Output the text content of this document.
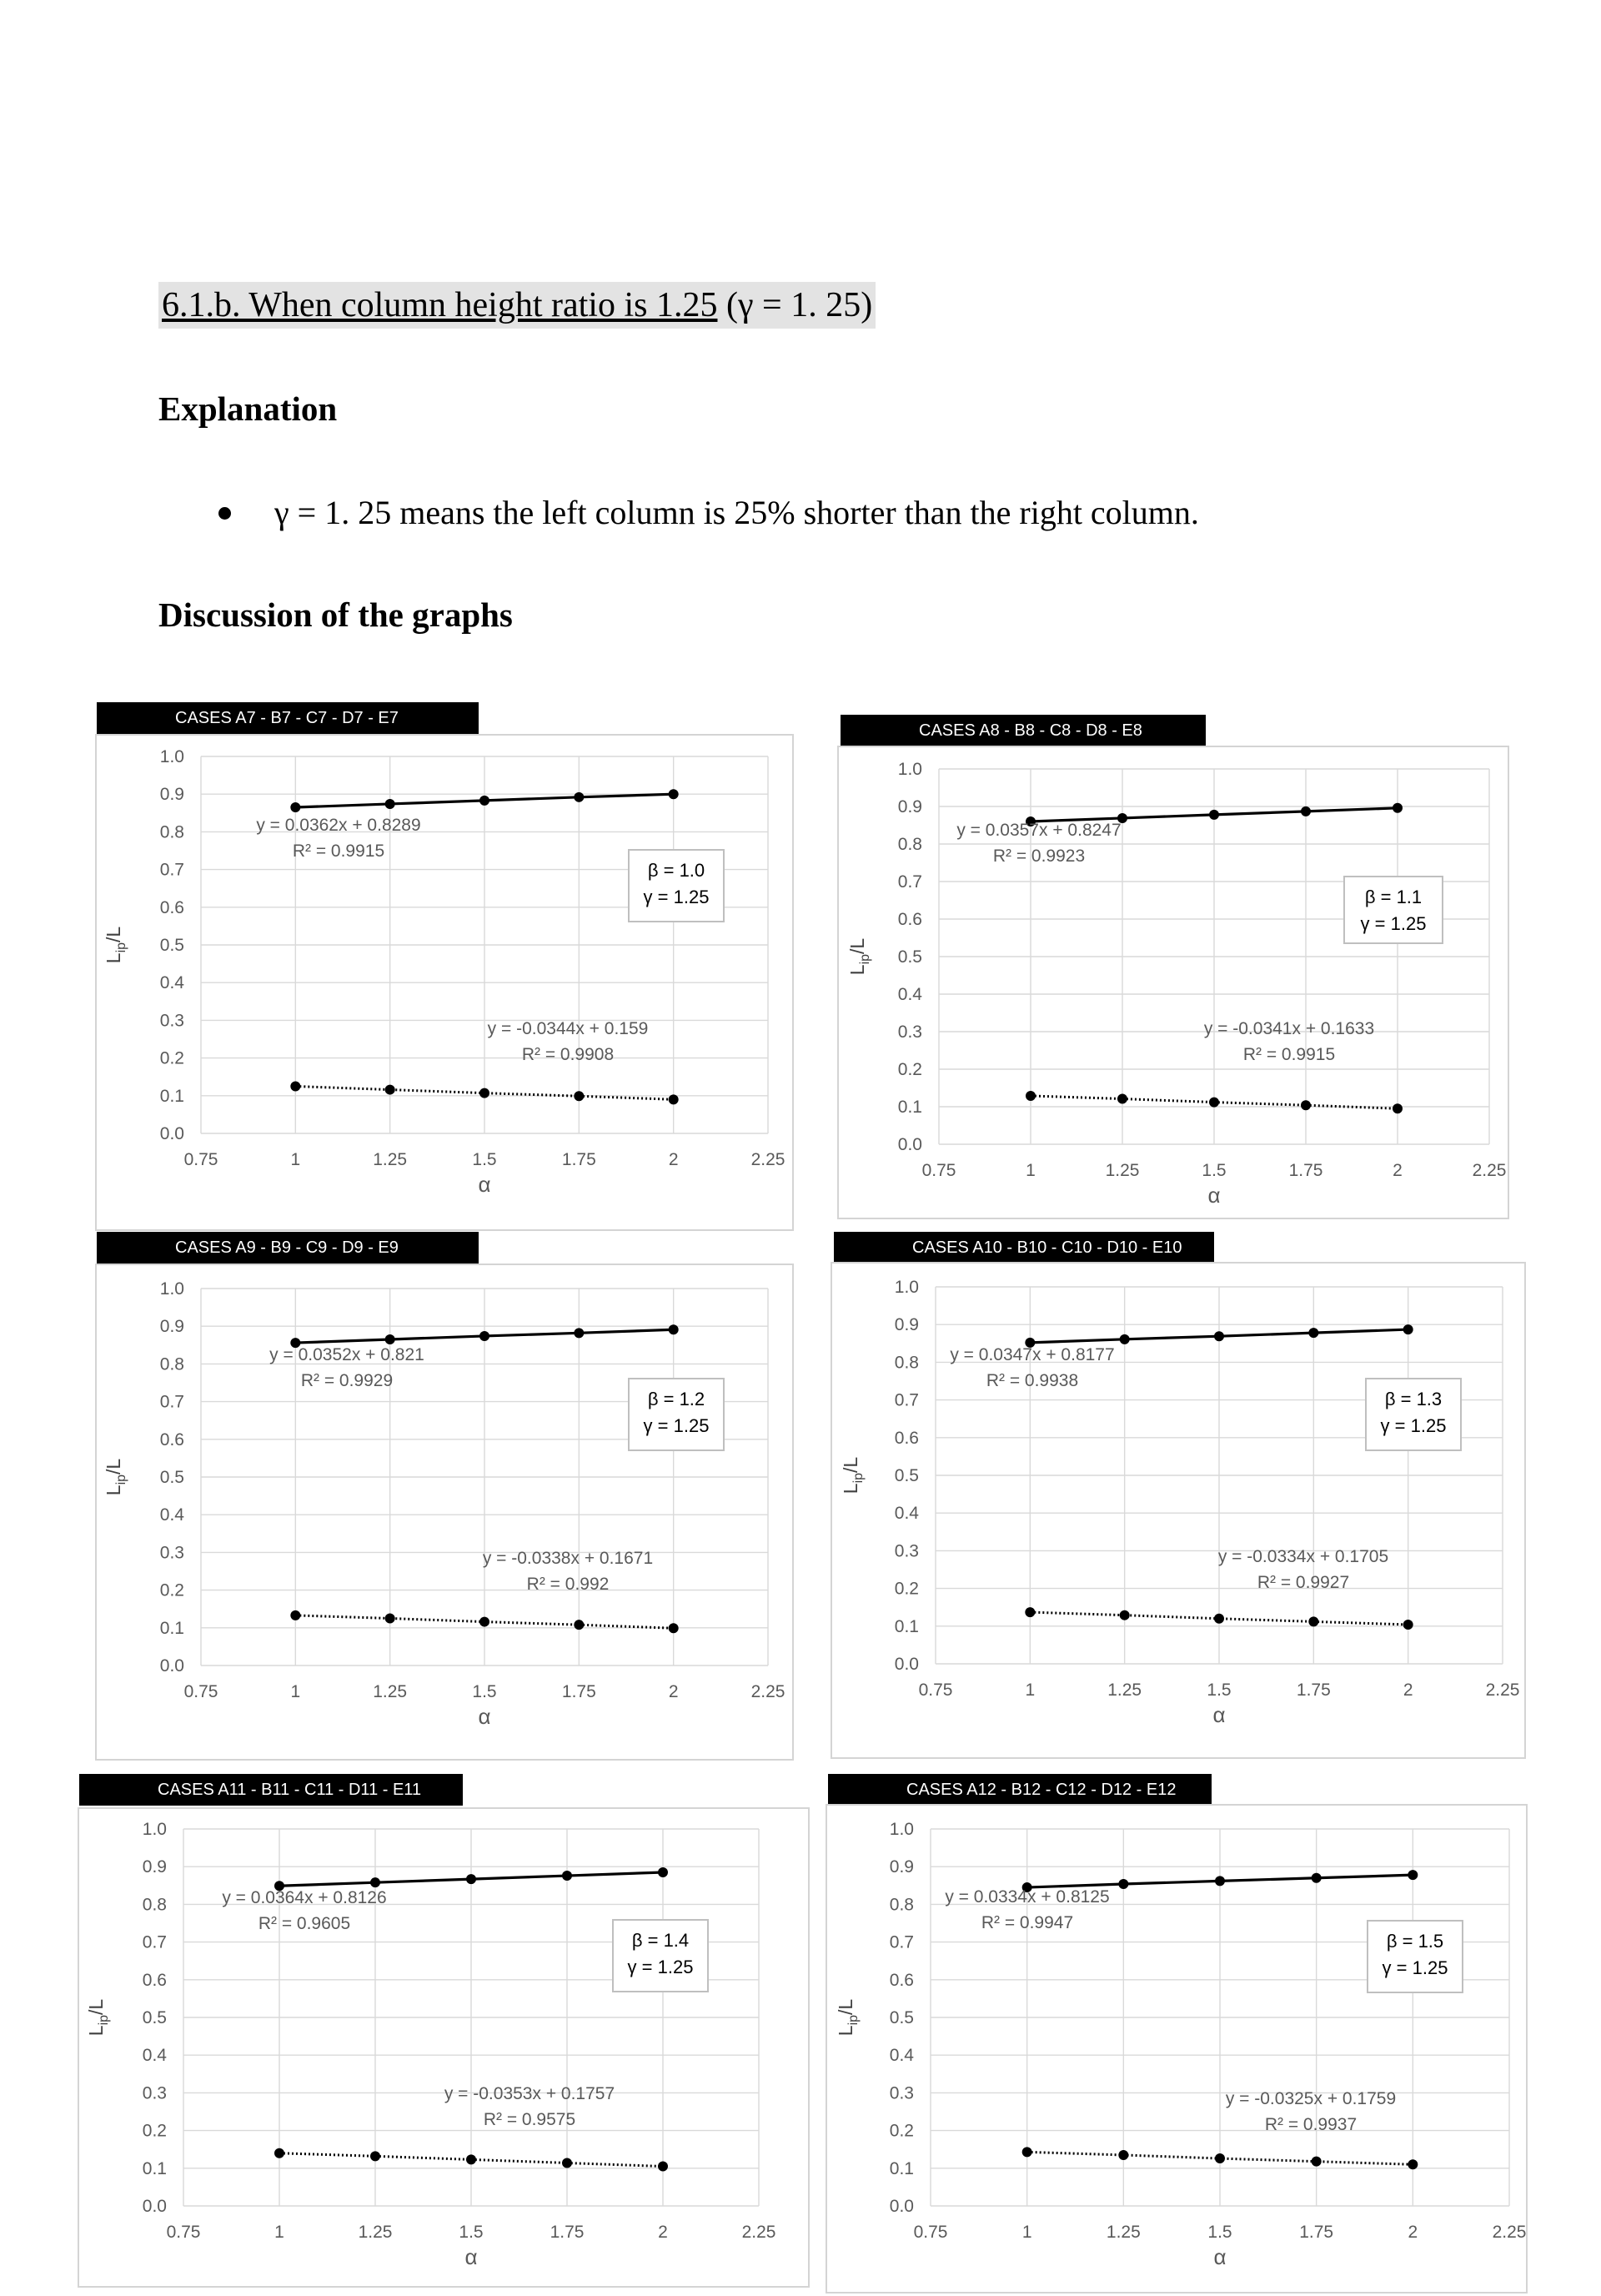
6.1.b. When column height ratio is 1.25 (γ = 1. 25)
Explanation
γ = 1. 25 means the left column is 25% shorter than the right column.
Discussion of the graphs
CASES A7 - B7 - C7 - D7 - E7
0.0
0.1
0.2
0.3
0.4
0.5
0.6
0.7
0.8
0.9
1.0
0.75	1	1.25	1.5	1.75	2	2.25
α
$L_{ip}/L$
y = 0.0362x + 0.8289
R² = 0.9915
y = -0.0344x + 0.159
R² = 0.9908
β = 1.0
γ = 1.25
CASES A8 - B8 - C8 - D8 - E8
0.0
0.1
0.2
0.3
0.4
0.5
0.6
0.7
0.8
0.9
1.0
0.75	1	1.25	1.5	1.75	2	2.25
α
$L_{ip}/L$
y = 0.0357x + 0.8247
R² = 0.9923
y = -0.0341x + 0.1633
R² = 0.9915
β = 1.1
γ = 1.25
CASES A9 - B9 - C9 - D9 - E9
0.0
0.1
0.2
0.3
0.4
0.5
0.6
0.7
0.8
0.9
1.0
0.75	1	1.25	1.5	1.75	2	2.25
α
$L_{ip}/L$
y = 0.0352x + 0.821
R² = 0.9929
y = -0.0338x + 0.1671
R² = 0.992
β = 1.2
γ = 1.25
CASES A10 - B10 - C10 - D10 - E10
0.0
0.1
0.2
0.3
0.4
0.5
0.6
0.7
0.8
0.9
1.0
0.75	1	1.25	1.5	1.75	2	2.25
α
$L_{ip}/L$
y = 0.0347x + 0.8177
R² = 0.9938
y = -0.0334x + 0.1705
R² = 0.9927
β = 1.3
γ = 1.25
CASES A11 - B11 - C11 - D11 - E11
0.0
0.1
0.2
0.3
0.4
0.5
0.6
0.7
0.8
0.9
1.0
0.75	1	1.25	1.5	1.75	2	2.25
α
$L_{ip}/L$
y = 0.0364x + 0.8126
R² = 0.9605
y = -0.0353x + 0.1757
R² = 0.9575
β = 1.4
γ = 1.25
CASES A12 - B12 - C12 - D12 - E12
0.0
0.1
0.2
0.3
0.4
0.5
0.6
0.7
0.8
0.9
1.0
0.75	1	1.25	1.5	1.75	2	2.25
α
$L_{ip}/L$
y = 0.0334x + 0.8125
R² = 0.9947
y = -0.0325x + 0.1759
R² = 0.9937
β = 1.5
γ = 1.25
